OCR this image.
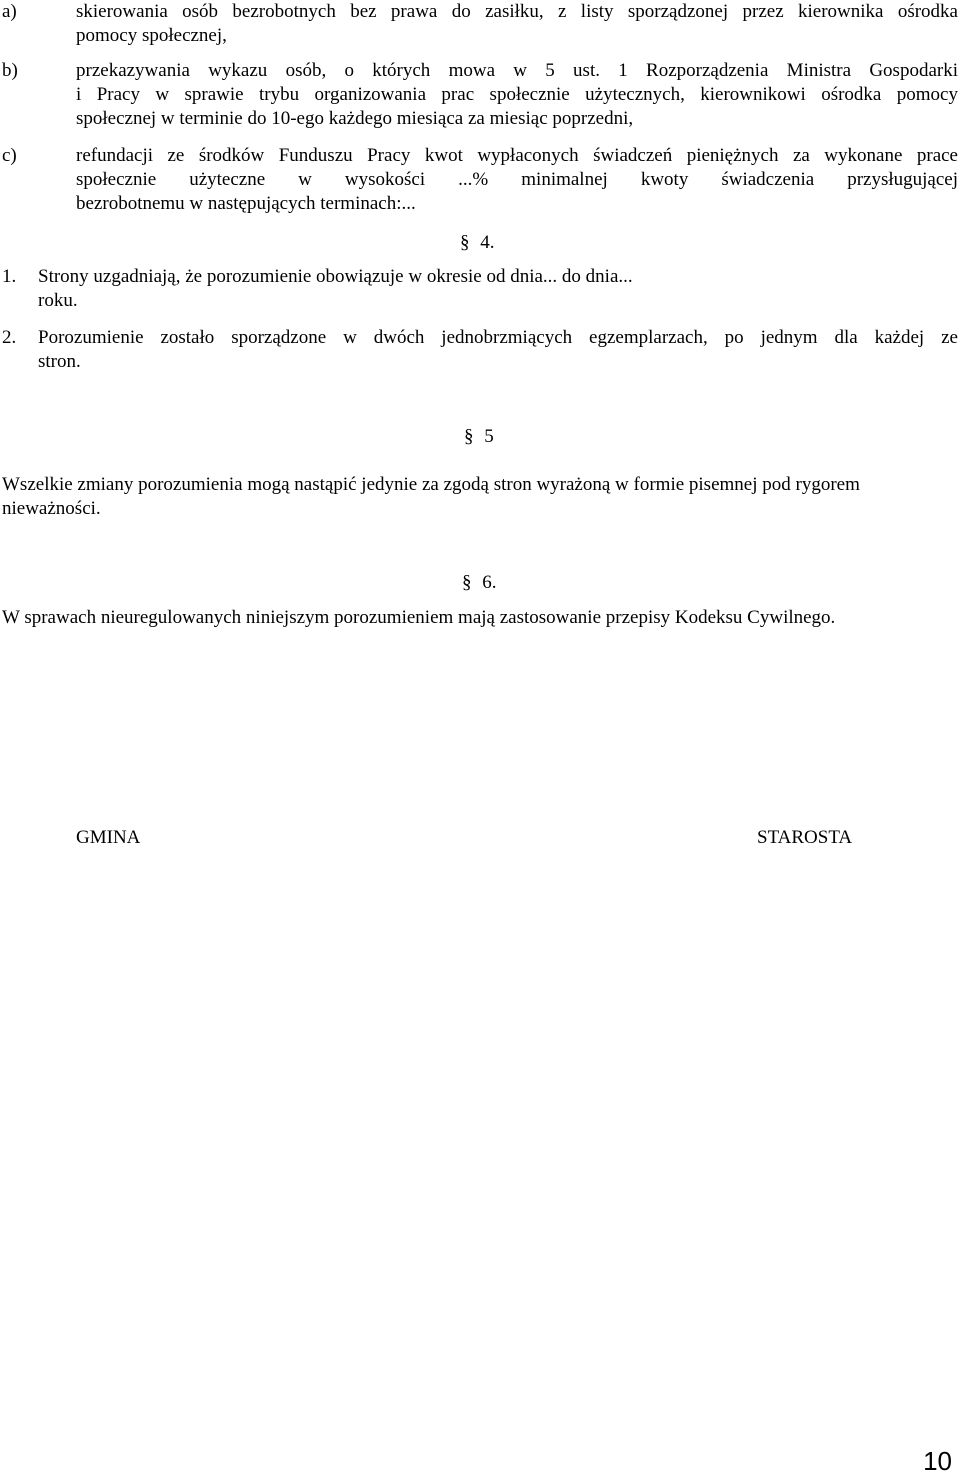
a)	skierowania osób bezrobotnych bez prawa do zasiłku, z listy sporządzonej przez kierownika ośrodka

pomocy społecznej,

b)	przekazywania wykazu osób, o których mowa w 5 ust. 1 Rozporządzenia Ministra Gospodarki

i Pracy w sprawie trybu organizowania prac społecznie użytecznych, kierownikowi ośrodka pomocy

społecznej w terminie do 10-ego każdego miesiąca za miesiąc poprzedni,

c)	refundacji ze środków Funduszu Pracy kwot wypłaconych świadczeń pieniężnych za wykonane prace

społecznie użyteczne w wysokości ...% minimalnej kwoty świadczenia przysługującej

bezrobotnemu w następujących terminach:...

§ 4.
1. Strony uzgadniają, że porozumienie obowiązuje w okresie od dnia... do dnia...

roku.

2. Porozumienie zostało sporządzone w dwóch jednobrzmiących egzemplarzach, po jednym dla każdej ze

stron.

§ 5
Wszelkie zmiany porozumienia mogą nastąpić jedynie za zgodą stron wyrażoną w formie pisemnej pod rygorem
nieważności.
§ 6.
W sprawach nieuregulowanych niniejszym porozumieniem mają zastosowanie przepisy Kodeksu Cywilnego.
GMINA	STAROSTA
10
